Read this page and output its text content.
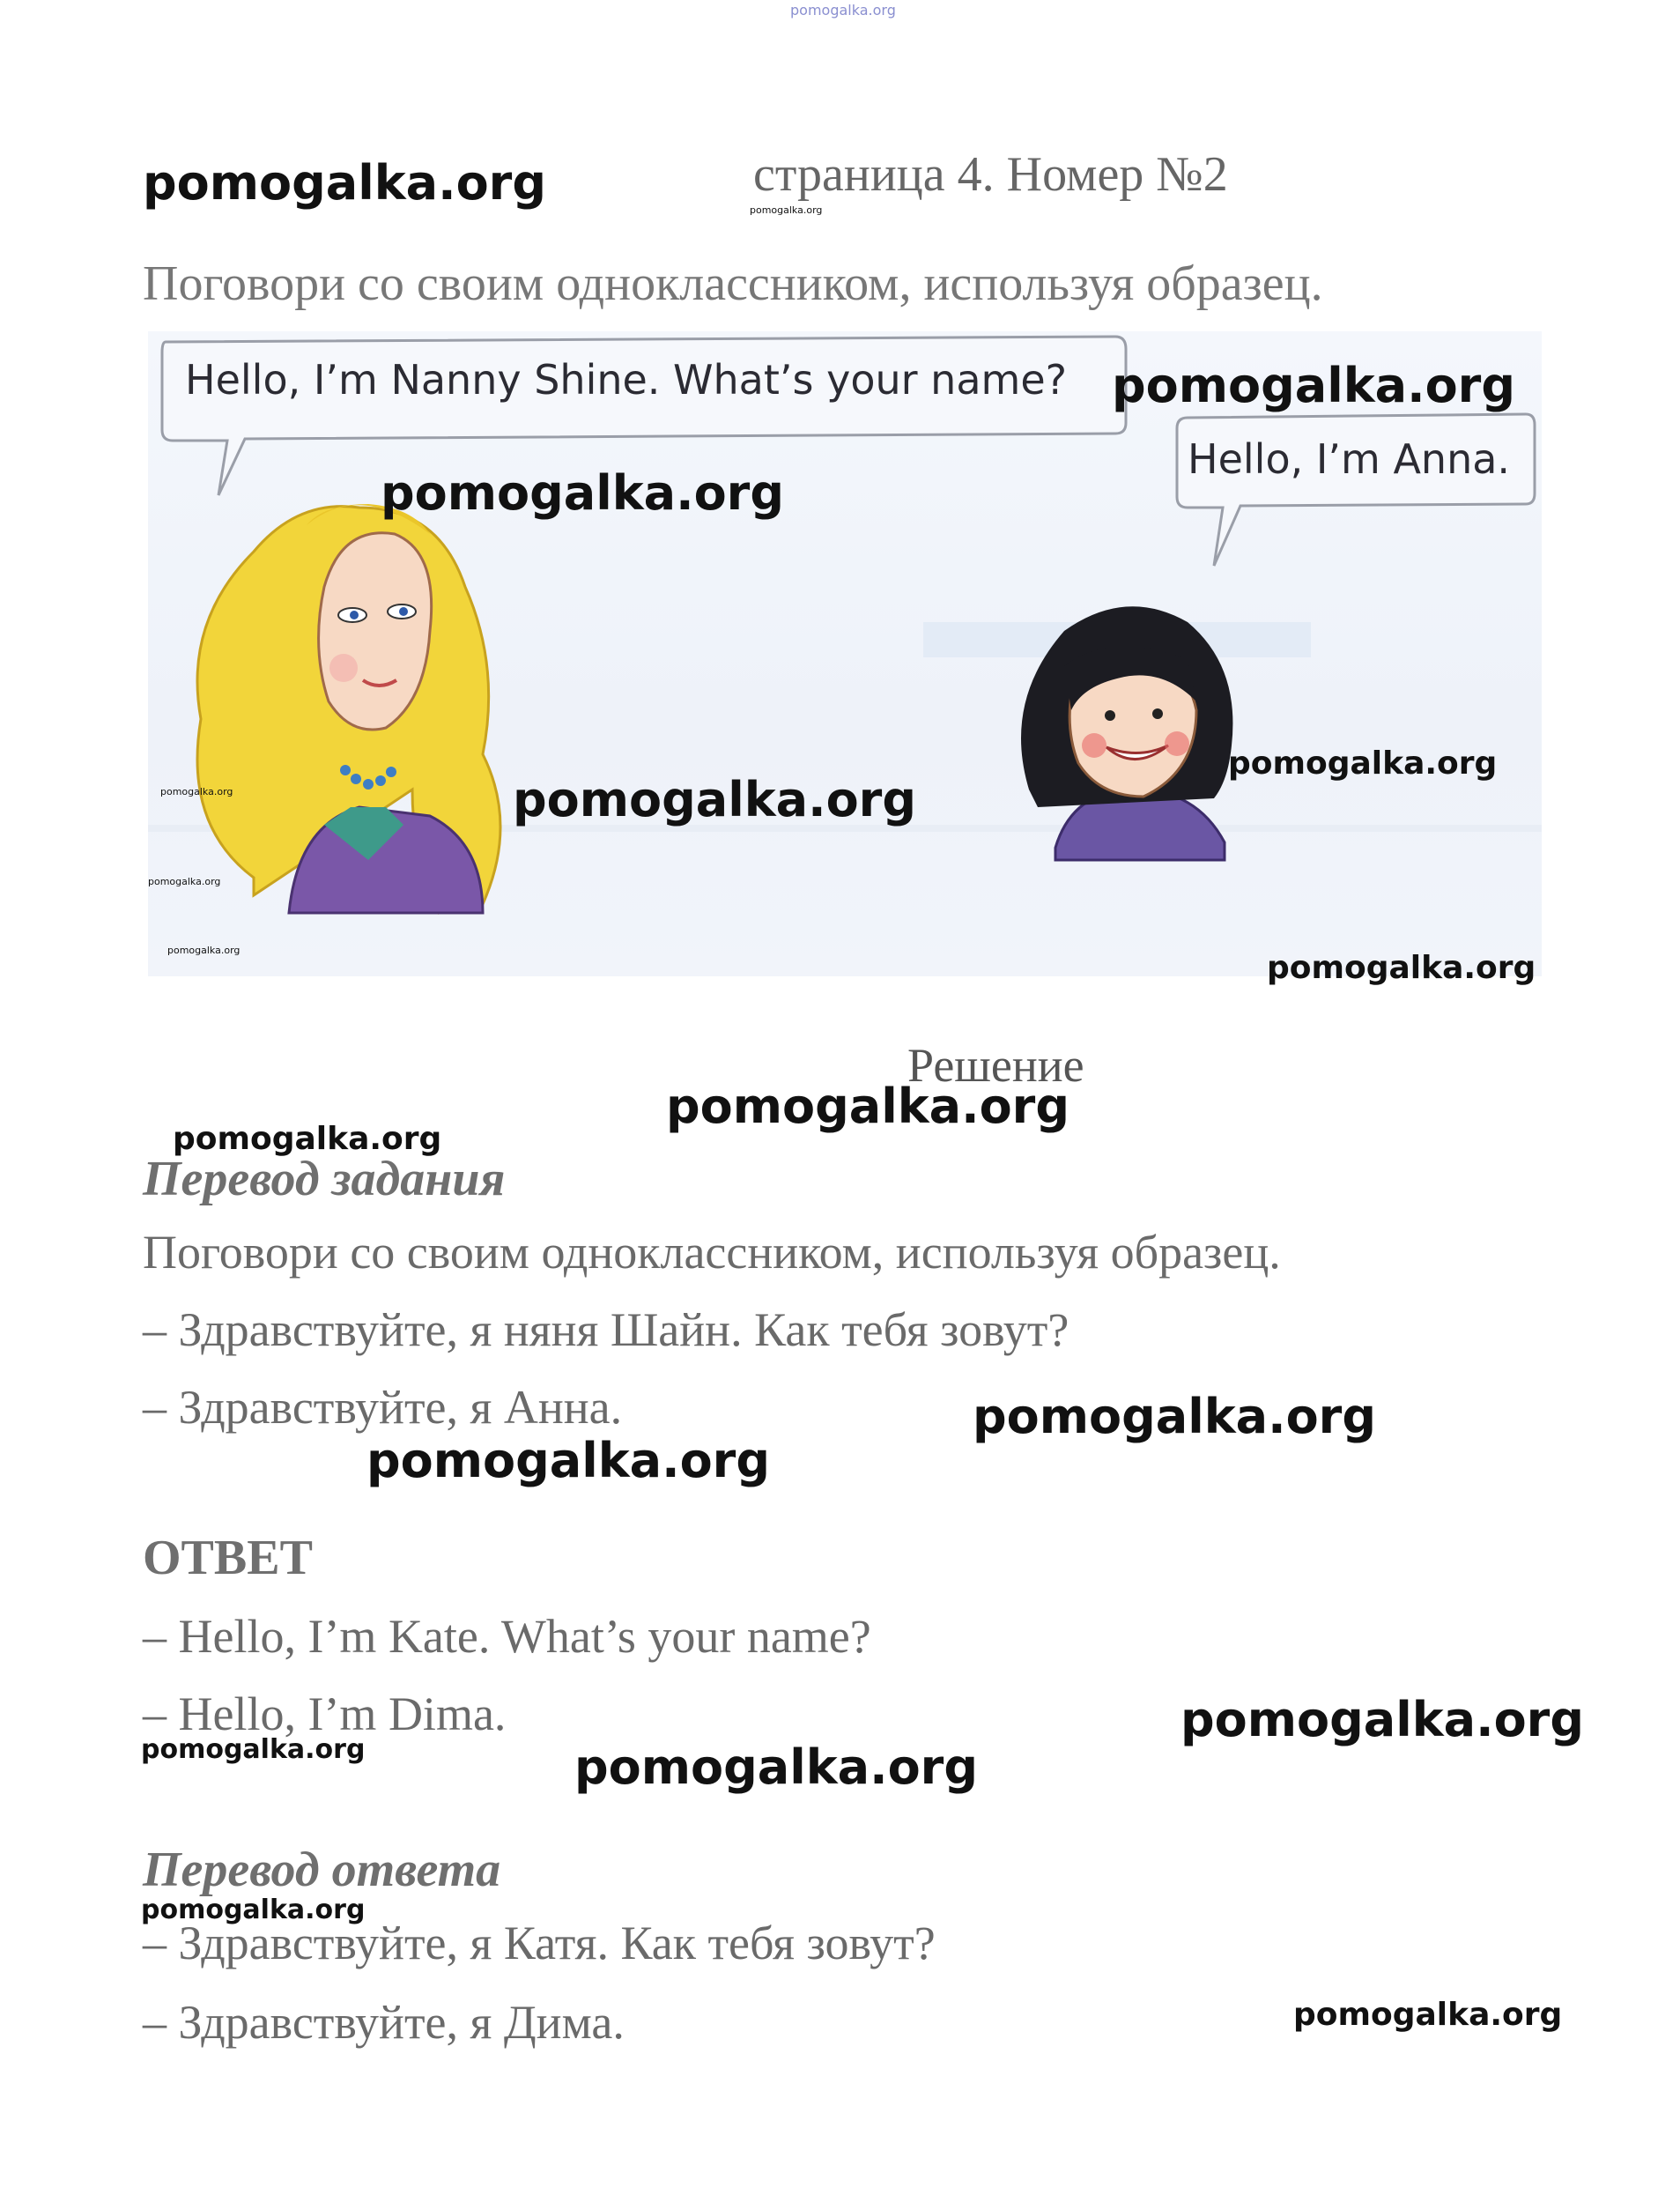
pomogalka.org
pomogalka.org	страница 4. Номер №2
pomogalka.org
Поговори со своим одноклассником, используя образец.
Hello, I’m Nanny Shine. What’s your name?
Hello, I’m Anna.
pomogalka.org
pomogalka.org
pomogalka.org
pomogalka.org
pomogalka.org
pomogalka.org
pomogalka.org	pomogalka.org
Решение
pomogalka.org
pomogalka.org
Перевод задания
Поговори со своим одноклассником, используя образец.
– Здравствуйте, я няня Шайн. Как тебя зовут?
– Здравствуйте, я Анна.	pomogalka.org
pomogalka.org
ОТВЕТ
– Hello, I’m Kate. What’s your name?
– Hello, I’m Dima.	pomogalka.org
pomogalka.org	pomogalka.org
Перевод ответа
pomogalka.org
– Здравствуйте, я Катя. Как тебя зовут?
– Здравствуйте, я Дима.	pomogalka.org
